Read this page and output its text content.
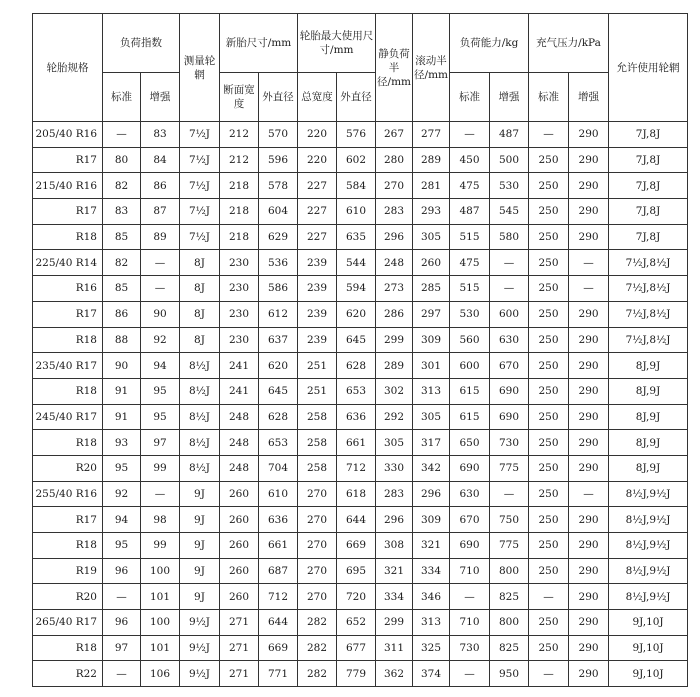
轮胎规格	负荷指数		测量轮辋	新胎尺寸/mm		轮胎最大使用尺寸/mm		静负荷半径/mm	滚动半径/mm	负荷能力/kg		充气压力/kPa		允许使用轮辋

	标准	增强		断面宽度	外直径	总宽度	外直径			标准	增强	标准	增强	
205/40 R16	—	83	7½J	212	570	220	576	267	277	—	487	—	290	7J,8J
R17	80	84	7½J	212	596	220	602	280	289	450	500	250	290	7J,8J
215/40 R16	82	86	7½J	218	578	227	584	270	281	475	530	250	290	7J,8J
R17	83	87	7½J	218	604	227	610	283	293	487	545	250	290	7J,8J
R18	85	89	7½J	218	629	227	635	296	305	515	580	250	290	7J,8J
225/40 R14	82	—	8J	230	536	239	544	248	260	475	—	250	—	7½J,8½J
R16	85	—	8J	230	586	239	594	273	285	515	—	250	—	7½J,8½J
R17	86	90	8J	230	612	239	620	286	297	530	600	250	290	7½J,8½J
R18	88	92	8J	230	637	239	645	299	309	560	630	250	290	7½J,8½J
235/40 R17	90	94	8½J	241	620	251	628	289	301	600	670	250	290	8J,9J
R18	91	95	8½J	241	645	251	653	302	313	615	690	250	290	8J,9J
245/40 R17	91	95	8½J	248	628	258	636	292	305	615	690	250	290	8J,9J
R18	93	97	8½J	248	653	258	661	305	317	650	730	250	290	8J,9J
R20	95	99	8½J	248	704	258	712	330	342	690	775	250	290	8J,9J
255/40 R16	92	—	9J	260	610	270	618	283	296	630	—	250	—	8½J,9½J
R17	94	98	9J	260	636	270	644	296	309	670	750	250	290	8½J,9½J
R18	95	99	9J	260	661	270	669	308	321	690	775	250	290	8½J,9½J
R19	96	100	9J	260	687	270	695	321	334	710	800	250	290	8½J,9½J
R20	—	101	9J	260	712	270	720	334	346	—	825	—	290	8½J,9½J
265/40 R17	96	100	9½J	271	644	282	652	299	313	710	800	250	290	9J,10J
R18	97	101	9½J	271	669	282	677	311	325	730	825	250	290	9J,10J
R22	—	106	9½J	271	771	282	779	362	374	—	950	—	290	9J,10J
